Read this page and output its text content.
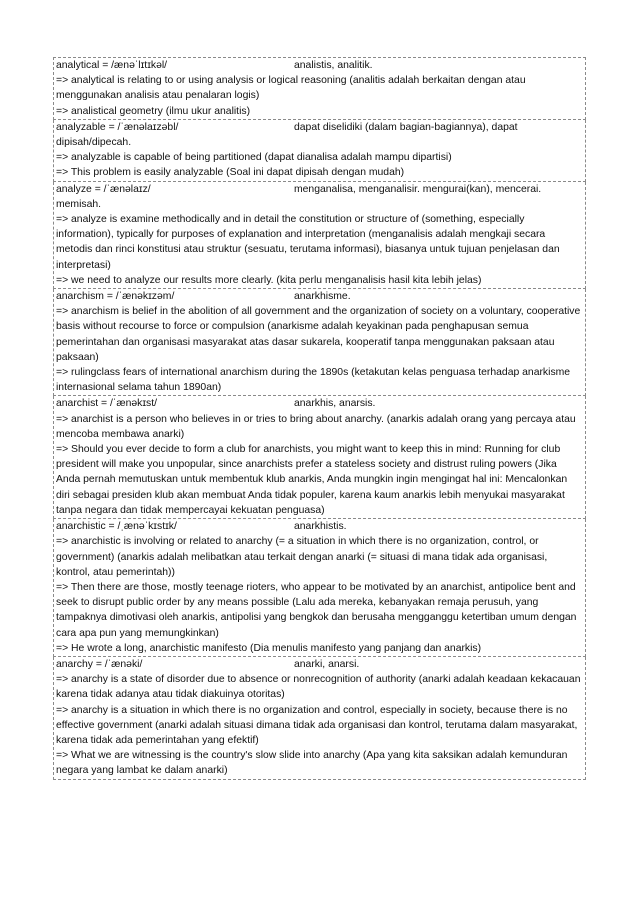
analytical = /ænəˈlɪtɪkəl/	analistis, analitik.

=> analytical is relating to or using analysis or logical reasoning (analitis adalah berkaitan dengan atau menggunakan analisis atau penalaran logis)

=> analistical geometry (ilmu ukur analitis)

analyzable = /ˈænəlaɪzəbl/	dapat diselidiki (dalam bagian-bagiannya), dapat

dipisah/dipecah.

=> analyzable is capable of being partitioned (dapat dianalisa adalah mampu dipartisi)

=> This problem is easily analyzable (Soal ini dapat dipisah dengan mudah)

analyze = /ˈænəlaɪz/	menganalisa, menganalisir. mengurai(kan), mencerai.

memisah.

=> analyze is examine methodically and in detail the constitution or structure of (something, especially information), typically for purposes of explanation and interpretation (menganalisis adalah mengkaji secara metodis dan rinci konstitusi atau struktur (sesuatu, terutama informasi), biasanya untuk tujuan penjelasan dan interpretasi)

=> we need to analyze our results more clearly. (kita perlu menganalisis hasil kita lebih jelas)

anarchism = /ˈænəkɪzəm/	anarkhisme.

=> anarchism is belief in the abolition of all government and the organization of society on a voluntary, cooperative basis without recourse to force or compulsion (anarkisme adalah keyakinan pada penghapusan semua pemerintahan dan organisasi masyarakat atas dasar sukarela, kooperatif tanpa menggunakan paksaan atau paksaan)

=> rulingclass fears of international anarchism during the 1890s (ketakutan kelas penguasa terhadap anarkisme internasional selama tahun 1890an)

anarchist = /ˈænəkɪst/	anarkhis, anarsis.

=> anarchist is a person who believes in or tries to bring about anarchy. (anarkis adalah orang yang percaya atau mencoba membawa anarki)

=> Should you ever decide to form a club for anarchists, you might want to keep this in mind: Running for club president will make you unpopular, since anarchists prefer a stateless society and distrust ruling powers (Jika Anda pernah memutuskan untuk membentuk klub anarkis, Anda mungkin ingin mengingat hal ini: Mencalonkan diri sebagai presiden klub akan membuat Anda tidak populer, karena kaum anarkis lebih menyukai masyarakat tanpa negara dan tidak mempercayai kekuatan penguasa)

anarchistic = /ˌænəˈkɪstɪk/	anarkhistis.

=> anarchistic is involving or related to anarchy (= a situation in which there is no organization, control, or government) (anarkis adalah melibatkan atau terkait dengan anarki (= situasi di mana tidak ada organisasi, kontrol, atau pemerintah))

=> Then there are those, mostly teenage rioters, who appear to be motivated by an anarchist, antipolice bent and seek to disrupt public order by any means possible (Lalu ada mereka, kebanyakan remaja perusuh, yang tampaknya dimotivasi oleh anarkis, antipolisi yang bengkok dan berusaha mengganggu ketertiban umum dengan cara apa pun yang memungkinkan)

=> He wrote a long, anarchistic manifesto (Dia menulis manifesto yang panjang dan anarkis)

anarchy = /ˈænəki/	anarki, anarsi.

=> anarchy is a state of disorder due to absence or nonrecognition of authority (anarki adalah keadaan kekacauan karena tidak adanya atau tidak diakuinya otoritas)

=> anarchy is a situation in which there is no organization and control, especially in society, because there is no effective government (anarki adalah situasi dimana tidak ada organisasi dan kontrol, terutama dalam masyarakat, karena tidak ada pemerintahan yang efektif)

=> What we are witnessing is the country's slow slide into anarchy (Apa yang kita saksikan adalah kemunduran negara yang lambat ke dalam anarki)
